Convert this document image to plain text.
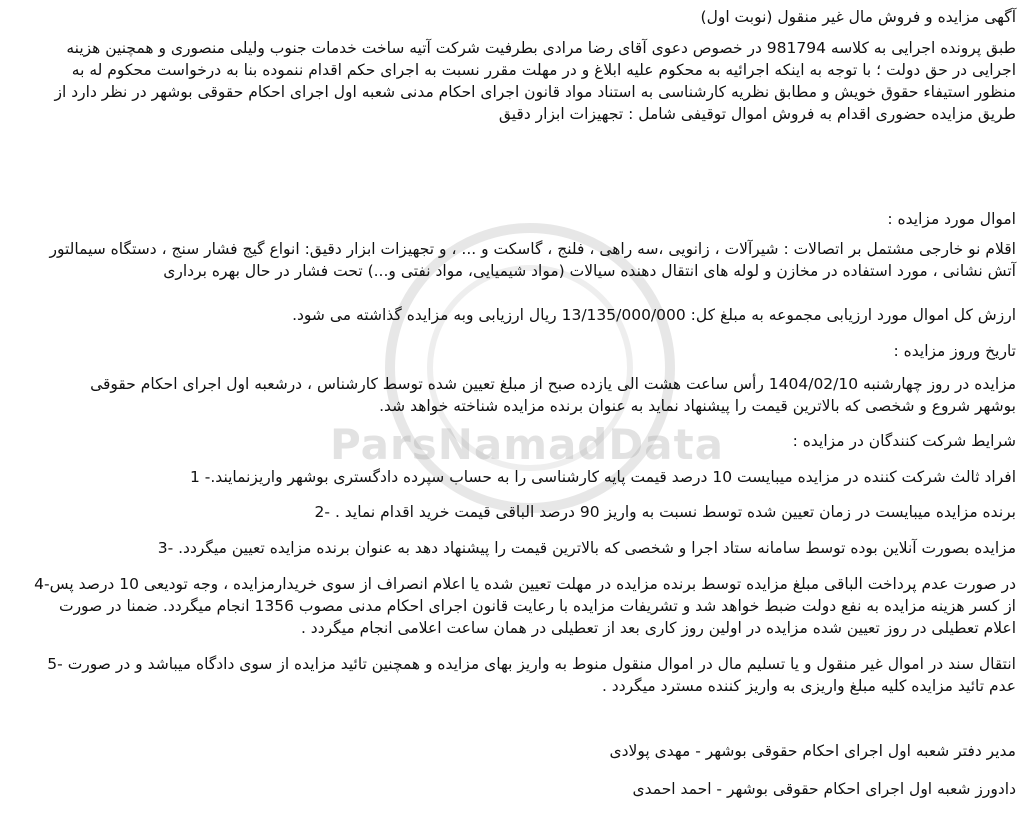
ParsNamadData
آگهی مزایده و فروش مال غیر منقول (نوبت اول)
طبق پرونده اجرایی به کلاسه 981794 در خصوص دعوی آقای رضا مرادی بطرفیت شرکت آتیه ساخت خدمات جنوب ولیلی منصوری و همچنین هزینه
اجرایی در حق دولت ؛ با توجه به اینکه اجرائیه به محکوم علیه ابلاغ و در مهلت مقرر نسبت به اجرای حکم اقدام ننموده بنا به درخواست محکوم له به
منظور استیفاء حقوق خویش و مطابق نظریه کارشناسی به استناد مواد قانون اجرای احکام مدنی شعبه اول اجرای احکام حقوقی بوشهر در نظر دارد از
طریق مزایده حضوری اقدام به فروش اموال توقیفی شامل : تجهیزات ابزار دقیق
اموال مورد مزایده :
اقلام نو خارجی مشتمل بر اتصالات : شیرآلات ، زانویی ،سه راهی ، فلنج ، گاسکت و ... ، و تجهیزات ابزار دقیق: انواع گیج فشار سنج ، دستگاه سیمالتور
آتش نشانی ، مورد استفاده در مخازن و لوله های انتقال دهنده سیالات (مواد شیمیایی، مواد نفتی و...) تحت فشار در حال بهره برداری
ارزش کل اموال مورد ارزیابی مجموعه به مبلغ کل: 13/135/000/000 ریال ارزیابی وبه مزایده گذاشته می شود.
تاریخ وروز مزایده :
مزایده در روز چهارشنبه 1404/02/10 رأس ساعت هشت الی یازده صبح از مبلغ تعیین شده توسط کارشناس ، درشعبه اول اجرای احکام حقوقی
بوشهر شروع و شخصی که بالاترین قیمت را پیشنهاد نماید به عنوان برنده مزایده شناخته خواهد شد.
شرایط شرکت کنندگان در مزایده :
افراد ثالث شرکت کننده در مزایده میبایست 10 درصد قیمت پایه کارشناسی را به حساب سپرده دادگستری بوشهر واریزنمایند.- 1
برنده مزایده میبایست در زمان تعیین شده توسط نسبت به واریز 90 درصد الباقی قیمت خرید اقدام نماید . -2
مزایده بصورت آنلاین بوده توسط سامانه ستاد اجرا و شخصی که بالاترین قیمت را پیشنهاد دهد به عنوان برنده مزایده تعیین میگردد. -3
در صورت عدم پرداخت الباقی مبلغ مزایده توسط برنده مزایده در مهلت تعیین شده یا اعلام انصراف از سوی خریدارمزایده ، وجه تودیعی 10 درصد پس-4
از کسر هزینه مزایده به نفع دولت ضبط خواهد شد و تشریفات مزایده با رعایت قانون اجرای احکام مدنی مصوب 1356 انجام میگردد. ضمنا در صورت
اعلام تعطیلی در روز تعیین شده مزایده در اولین روز کاری بعد از تعطیلی در همان ساعت اعلامی انجام میگردد .
انتقال سند در اموال غیر منقول و یا تسلیم مال در اموال منقول منوط به واریز بهای مزایده و همچنین تائید مزایده از سوی دادگاه میباشد و در صورت -5
عدم تائید مزایده کلیه مبلغ واریزی به واریز کننده مسترد میگردد .
مدیر دفتر شعبه اول اجرای احکام حقوقی بوشهر - مهدی پولادی
دادورز شعبه اول اجرای احکام حقوقی بوشهر - احمد احمدی
